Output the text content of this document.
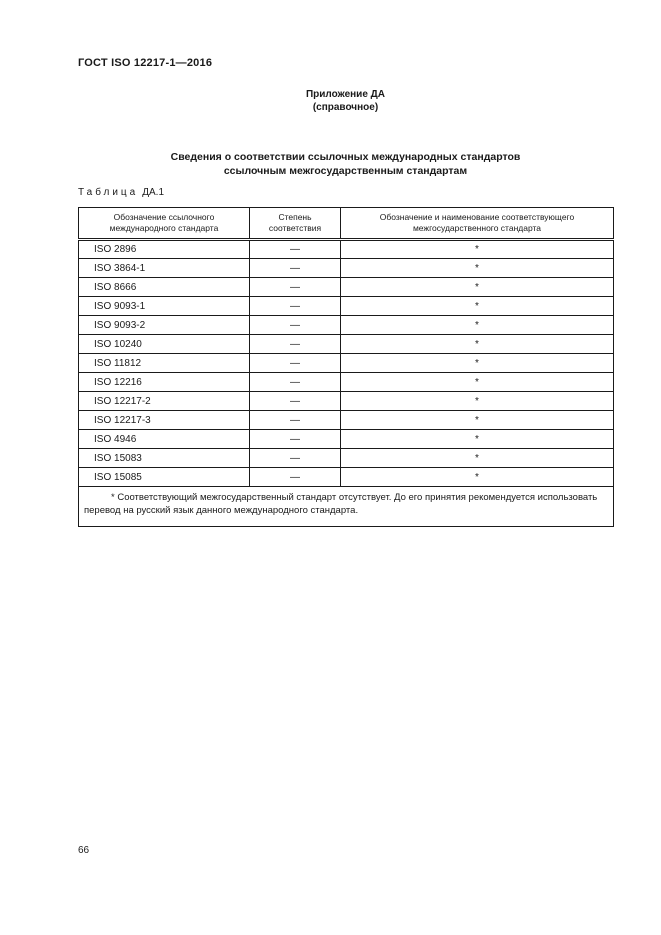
ГОСТ ISO 12217-1—2016
Приложение ДА
(справочное)
Сведения о соответствии ссылочных международных стандартов
ссылочным межгосударственным стандартам
Таблица ДА.1
Обозначение ссылочного международного стандарта	Степень соответствия	Обозначение и наименование соответствующего межгосударственного стандарта
ISO 2896	—	*
ISO 3864-1	—	*
ISO 8666	—	*
ISO 9093-1	—	*
ISO 9093-2	—	*
ISO 10240	—	*
ISO 11812	—	*
ISO 12216	—	*
ISO 12217-2	—	*
ISO 12217-3	—	*
ISO 4946	—	*
ISO 15083	—	*
ISO 15085	—	*
* Соответствующий межгосударственный стандарт отсутствует. До его принятия рекомендуется использовать перевод на русский язык данного международного стандарта.		
66
